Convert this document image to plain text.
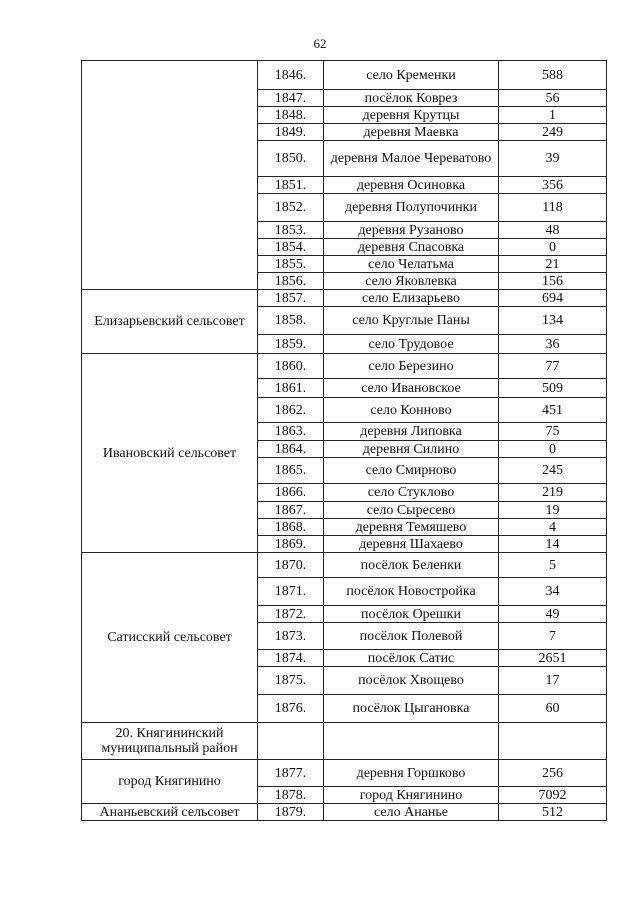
62
	1846.	село Кременки	588
	1847.	посёлок Коврез	56
	1848.	деревня Крутцы	1
	1849.	деревня Маевка	249
	1850.	деревня Малое Череватово	39
	1851.	деревня Осиновка	356
	1852.	деревня Полупочинки	118
	1853.	деревня Рузаново	48
	1854.	деревня Спасовка	0
	1855.	село Челатьма	21
	1856.	село Яковлевка	156
Елизарьевский сельсовет	1857.	село Елизарьево	694
	1858.	село Круглые Паны	134
	1859.	село Трудовое	36
Ивановский сельсовет	1860.	село Березино	77
	1861.	село Ивановское	509
	1862.	село Конново	451
	1863.	деревня Липовка	75
	1864.	деревня Силино	0
	1865.	село Смирново	245
	1866.	село Стуклово	219
	1867.	село Сыресево	19
	1868.	деревня Темяшево	4
	1869.	деревня Шахаево	14
Сатисский сельсовет	1870.	посёлок Беленки	5
	1871.	посёлок Новостройка	34
	1872.	посёлок Орешки	49
	1873.	посёлок Полевой	7
	1874.	посёлок Сатис	2651
	1875.	посёлок Хвощево	17
	1876.	посёлок Цыгановка	60
20. Княгининский муниципальный район			
город Княгинино	1877.	деревня Горшково	256
	1878.	город Княгинино	7092
Ананьевский сельсовет	1879.	село Ананье	512
